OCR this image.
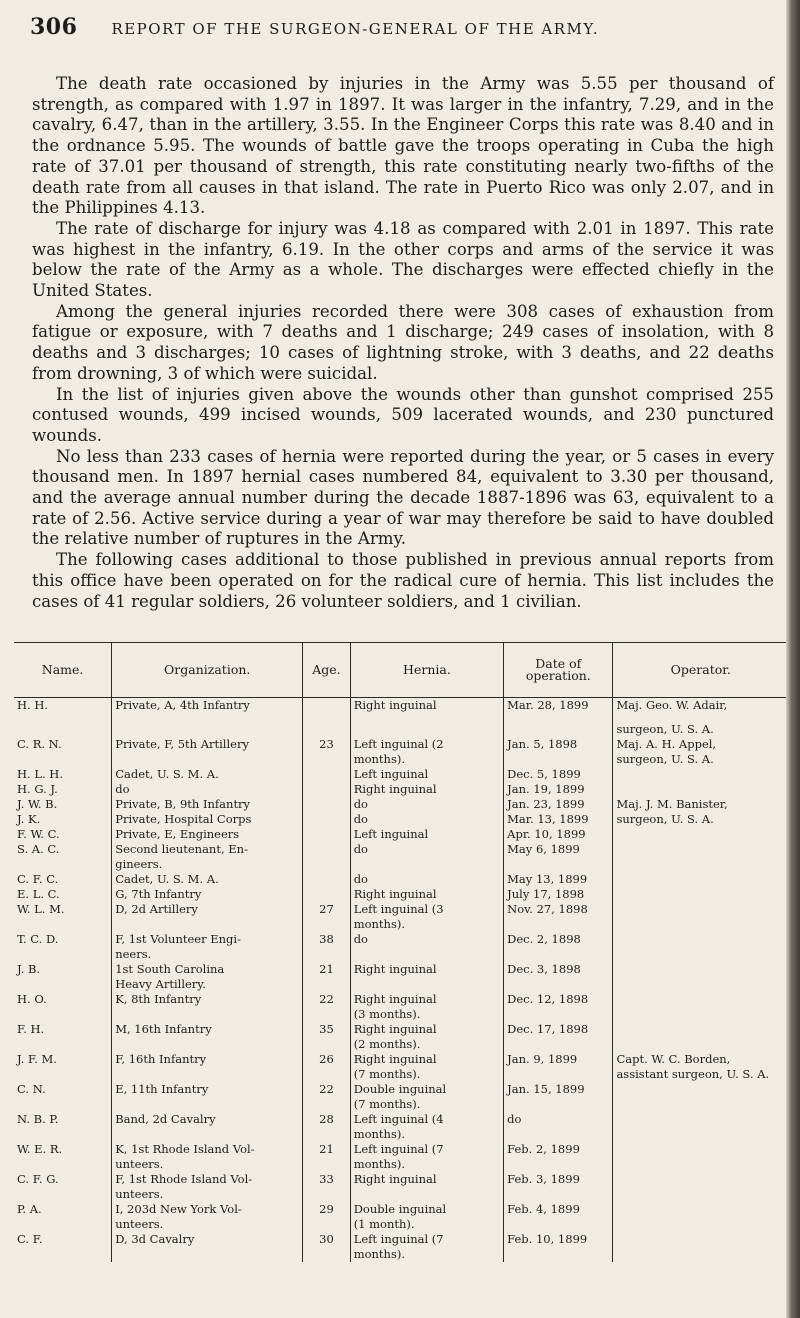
306 REPORT OF THE SURGEON-GENERAL OF THE ARMY.

The death rate occasioned by injuries in the Army was 5.55 per thousand of strength, as compared with 1.97 in 1897. It was larger in the infantry, 7.29, and in the cavalry, 6.47, than in the artillery, 3.55. In the Engineer Corps this rate was 8.40 and in the ordnance 5.95. The wounds of battle gave the troops operating in Cuba the high rate of 37.01 per thousand of strength, this rate constituting nearly two-fifths of the death rate from all causes in that island. The rate in Puerto Rico was only 2.07, and in the Philippines 4.13.

The rate of discharge for injury was 4.18 as compared with 2.01 in 1897. This rate was highest in the infantry, 6.19. In the other corps and arms of the service it was below the rate of the Army as a whole. The discharges were effected chiefly in the United States.

Among the general injuries recorded there were 308 cases of exhaustion from fatigue or exposure, with 7 deaths and 1 discharge; 249 cases of insolation, with 8 deaths and 3 discharges; 10 cases of lightning stroke, with 3 deaths, and 22 deaths from drowning, 3 of which were suicidal.

In the list of injuries given above the wounds other than gunshot comprised 255 contused wounds, 499 incised wounds, 509 lacerated wounds, and 230 punctured wounds.

No less than 233 cases of hernia were reported during the year, or 5 cases in every thousand men. In 1897 hernial cases numbered 84, equivalent to 3.30 per thousand, and the average annual number during the decade 1887-1896 was 63, equivalent to a rate of 2.56. Active service during a year of war may therefore be said to have doubled the relative number of ruptures in the Army.

The following cases additional to those published in previous annual reports from this office have been operated on for the radical cure of hernia. This list includes the cases of 41 regular soldiers, 26 volunteer soldiers, and 1 civilian.

Name.	Organization.	Age.	Hernia.	Date of operation.	Operator.
H. H.	Private, A, 4th Infantry		Right inguinal	Mar. 28, 1899	Maj. Geo. W. Adair,
					surgeon, U. S. A.
C. R. N.	Private, F, 5th Artillery	23	Left inguinal (2	Jan. 5, 1898	Maj. A. H. Appel,
			months).		surgeon, U. S. A.
H. L. H.	Cadet, U. S. M. A.		Left inguinal	Dec. 5, 1899	
H. G. J.	do		Right inguinal	Jan. 19, 1899	
J. W. B.	Private, B, 9th Infantry		do	Jan. 23, 1899	Maj. J. M. Banister,
J. K.	Private, Hospital Corps		do	Mar. 13, 1899	surgeon, U. S. A.
F. W. C.	Private, E, Engineers		Left inguinal	Apr. 10, 1899	
S. A. C.	Second lieutenant, En-		do	May 6, 1899	
	gineers.				
C. F. C.	Cadet, U. S. M. A.		do	May 13, 1899	
E. L. C.	G, 7th Infantry		Right inguinal	July 17, 1898	
W. L. M.	D, 2d Artillery	27	Left inguinal (3	Nov. 27, 1898	
			months).		
T. C. D.	F, 1st Volunteer Engi-	38	do	Dec. 2, 1898	
	neers.				
J. B.	1st South Carolina	21	Right inguinal	Dec. 3, 1898	
	Heavy Artillery.				
H. O.	K, 8th Infantry	22	Right inguinal	Dec. 12, 1898	
			(3 months).		
F. H.	M, 16th Infantry	35	Right inguinal	Dec. 17, 1898	
			(2 months).		
J. F. M.	F, 16th Infantry	26	Right inguinal	Jan. 9, 1899	Capt. W. C. Borden,
			(7 months).		assistant surgeon, U. S. A.
C. N.	E, 11th Infantry	22	Double inguinal	Jan. 15, 1899	
			(7 months).		
N. B. P.	Band, 2d Cavalry	28	Left inguinal (4	do	
			months).		
W. E. R.	K, 1st Rhode Island Vol-	21	Left inguinal (7	Feb. 2, 1899	
	unteers.		months).		
C. F. G.	F, 1st Rhode Island Vol-	33	Right inguinal	Feb. 3, 1899	
	unteers.				
P. A.	I, 203d New York Vol-	29	Double inguinal	Feb. 4, 1899	
	unteers.		(1 month).		
C. F.	D, 3d Cavalry	30	Left inguinal (7	Feb. 10, 1899	
			months).		
